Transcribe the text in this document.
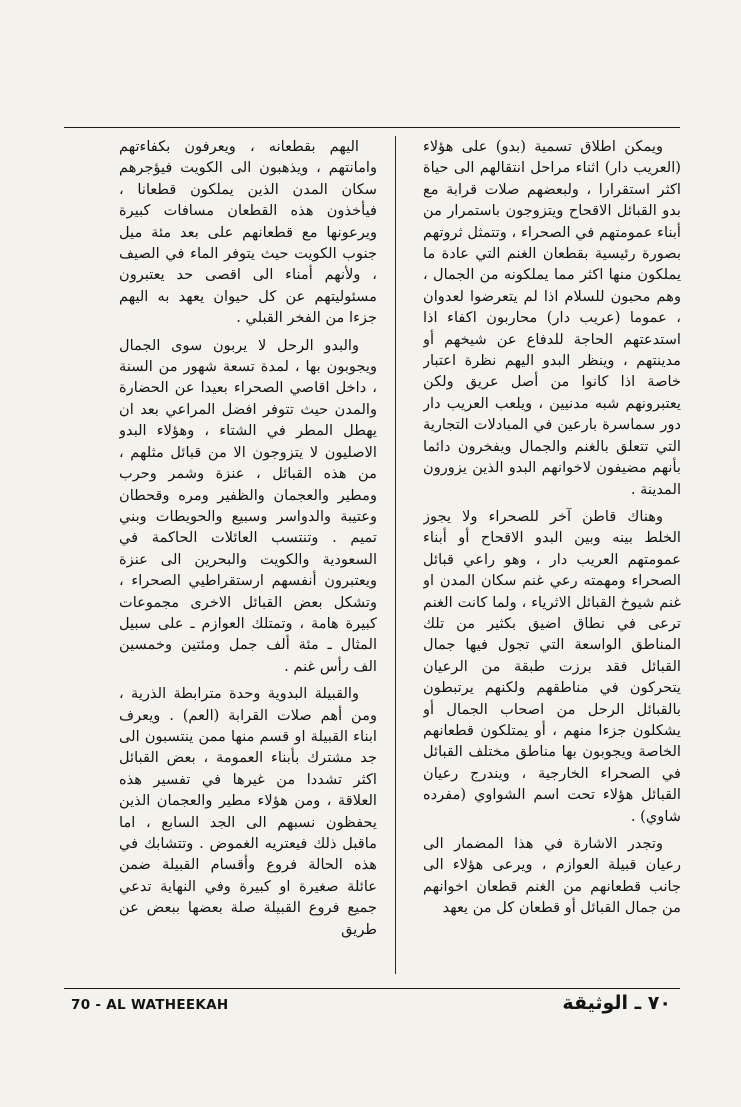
ويمكن اطلاق تسمية (بدو) على هؤلاء (العريب دار) اثناء مراحل انتقالهم الى حياة اكثر استقرارا ، ولبعضهم صلات قرابة مع بدو القبائل الاقحاح ويتزوجون باستمرار من أبناء عمومتهم في الصحراء ، وتتمثل ثروتهم بصورة رئيسية بقطعان الغنم التي عادة ما يملكون منها اكثر مما يملكونه من الجمال ، وهم محبون للسلام اذا لم يتعرضوا لعدوان ، عموما (عريب دار) محاربون اكفاء اذا استدعتهم الحاجة للدفاع عن شيخهم أو مدينتهم ، وينظر البدو اليهم نظرة اعتبار خاصة اذا كانوا من أصل عريق ولكن يعتبرونهم شبه مدنيين ، ويلعب العريب دار دور سماسرة بارعين في المبادلات التجارية التي تتعلق بالغنم والجمال ويفخرون دائما بأنهم مضيفون لاخوانهم البدو الذين يزورون المدينة .

وهناك قاطن آخر للصحراء ولا يجوز الخلط بينه وبين البدو الاقحاح أو أبناء عمومتهم العريب دار ، وهو راعي قبائل الصحراء ومهمته رعي غنم سكان المدن او غنم شيوخ القبائل الاثرياء ، ولما كانت الغنم ترعى في نطاق اضيق بكثير من تلك المناطق الواسعة التي تجول فيها جمال القبائل فقد برزت طبقة من الرعيان يتحركون في مناطقهم ولكنهم يرتبطون بالقبائل الرحل من اصحاب الجمال أو يشكلون جزءا منهم ، أو يمتلكون قطعانهم الخاصة ويجوبون بها مناطق مختلف القبائل في الصحراء الخارجية ، ويندرج رعيان القبائل هؤلاء تحت اسم الشواوي (مفرده شاوي) .

وتجدر الاشارة في هذا المضمار الى رعيان قبيلة العوازم ، ويرعى هؤلاء الى جانب قطعانهم من الغنم قطعان اخوانهم من جمال القبائل أو قطعان كل من يعهد

اليهم بقطعانه ، ويعرفون بكفاءتهم وامانتهم ، ويذهبون الى الكويت فيؤجرهم سكان المدن الذين يملكون قطعانا ، فيأخذون هذه القطعان مسافات كبيرة ويرعونها مع قطعانهم على بعد مئة ميل جنوب الكويت حيث يتوفر الماء في الصيف ، ولأنهم أمناء الى اقصى حد يعتبرون مسئوليتهم عن كل حيوان يعهد به اليهم جزءا من الفخر القبلي .

والبدو الرحل لا يربون سوى الجمال ويجوبون بها ، لمدة تسعة شهور من السنة ، داخل اقاصي الصحراء بعيدا عن الحضارة والمدن حيث تتوفر افضل المراعي بعد ان يهطل المطر في الشتاء ، وهؤلاء البدو الاصليون لا يتزوجون الا من قبائل مثلهم ، من هذه القبائل ، عنزة وشمر وحرب ومطير والعجمان والظفير ومره وقحطان وعتيبة والدواسر وسبيع والحويطات وبني تميم . وتنتسب العائلات الحاكمة في السعودية والكويت والبحرين الى عنزة ويعتبرون أنفسهم ارستقراطيي الصحراء ، وتشكل بعض القبائل الاخرى مجموعات كبيرة هامة ، وتمتلك العوازم ـ على سبيل المثال ـ مئة ألف جمل ومئتين وخمسين الف رأس غنم .

والقبيلة البدوية وحدة مترابطة الذرية ، ومن أهم صلات القرابة (العم) . ويعرف ابناء القبيلة او قسم منها ممن ينتسبون الى جد مشترك بأبناء العمومة ، بعض القبائل اكثر تشددا من غيرها في تفسير هذه العلاقة ، ومن هؤلاء مطير والعجمان الذين يحفظون نسبهم الى الجد السابع ، اما ماقبل ذلك فيعتريه الغموض . وتتشابك في هذه الحالة فروع وأقسام القبيلة ضمن عائلة صغيرة او كبيرة وفي النهاية تدعي جميع فروع القبيلة صلة بعضها ببعض عن طريق

70 - AL WATHEEKAH	٧٠ ـ الوثيقة
